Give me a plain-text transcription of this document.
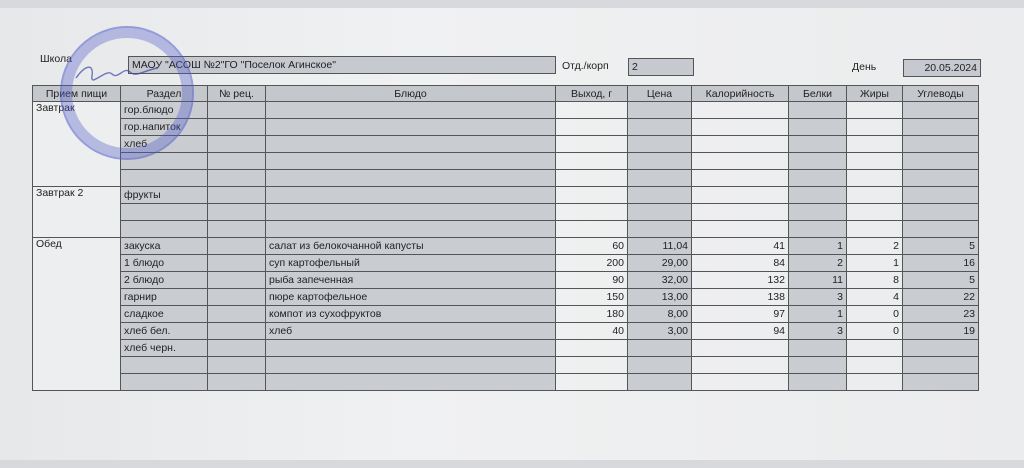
Школа	МАОУ "АСОШ №2"ГО "Поселок Агинское"	Отд./корп	2	День	20.05.2024
Прием пищи	Раздел	№ рец.	Блюдо	Выход, г	Цена	Калорийность	Белки	Жиры	Углеводы
Завтрак	гор.блюдо								
	гор.напиток								
	хлеб								

Завтрак 2	фрукты								

Обед	закуска		салат из белокочанной капусты	60	11,04	41	1	2	5
	1 блюдо		суп картофельный	200	29,00	84	2	1	16
	2 блюдо		рыба запеченная	90	32,00	132	11	8	5
	гарнир		пюре картофельное	150	13,00	138	3	4	22
	сладкое		компот из сухофруктов	180	8,00	97	1	0	23
	хлеб бел.		хлеб	40	3,00	94	3	0	19
	хлеб черн.								
